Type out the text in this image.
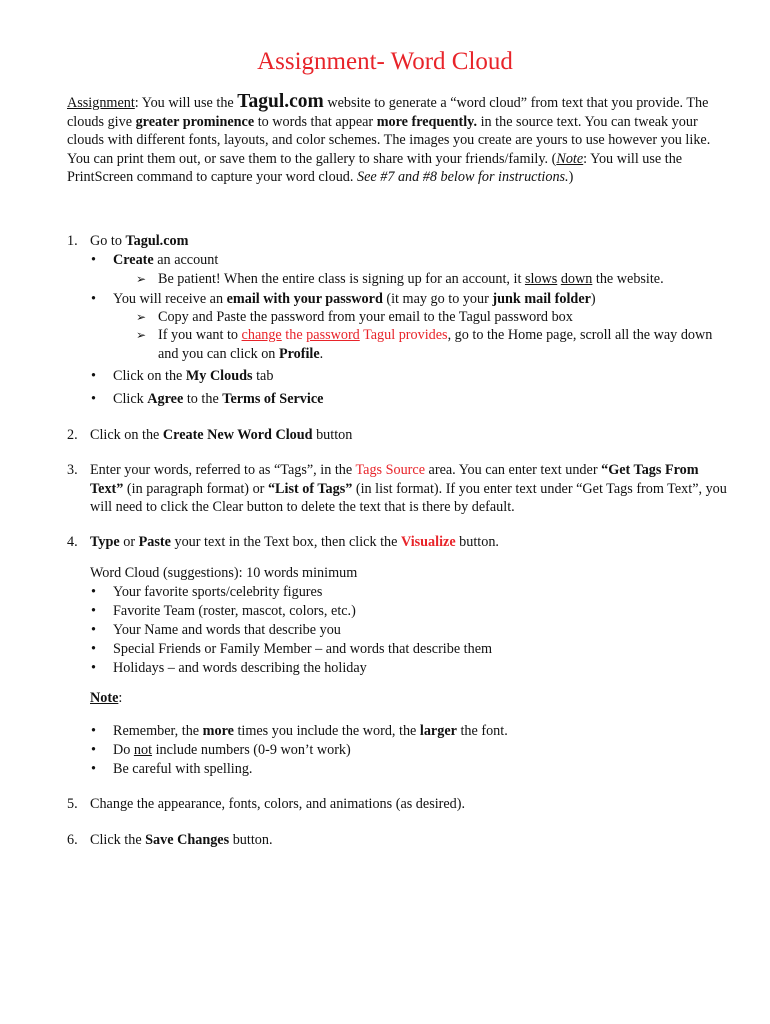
Assignment- Word Cloud
Assignment: You will use the Tagul.com website to generate a “word cloud” from text that you provide. The clouds give greater prominence to words that appear more frequently. in the source text. You can tweak your clouds with different fonts, layouts, and color schemes. The images you create are yours to use however you like. You can print them out, or save them to the gallery to share with your friends/family. (Note: You will use the PrintScreen command to capture your word cloud. See #7 and #8 below for instructions.)
1. Go to Tagul.com
• Create an account
➢ Be patient! When the entire class is signing up for an account, it slows down the website.
• You will receive an email with your password (it may go to your junk mail folder)
➢ Copy and Paste the password from your email to the Tagul password box
➢ If you want to change the password Tagul provides, go to the Home page, scroll all the way down and you can click on Profile.
• Click on the My Clouds tab
• Click Agree to the Terms of Service
2. Click on the Create New Word Cloud button
3. Enter your words, referred to as “Tags”, in the Tags Source area. You can enter text under “Get Tags From Text” (in paragraph format) or “List of Tags” (in list format). If you enter text under “Get Tags from Text”, you will need to click the Clear button to delete the text that is there by default.
4. Type or Paste your text in the Text box, then click the Visualize button.
Word Cloud (suggestions): 10 words minimum
• Your favorite sports/celebrity figures
• Favorite Team (roster, mascot, colors, etc.)
• Your Name and words that describe you
• Special Friends or Family Member – and words that describe them
• Holidays – and words describing the holiday
Note:
• Remember, the more times you include the word, the larger the font.
• Do not include numbers (0-9 won’t work)
• Be careful with spelling.
5. Change the appearance, fonts, colors, and animations (as desired).
6. Click the Save Changes button.
